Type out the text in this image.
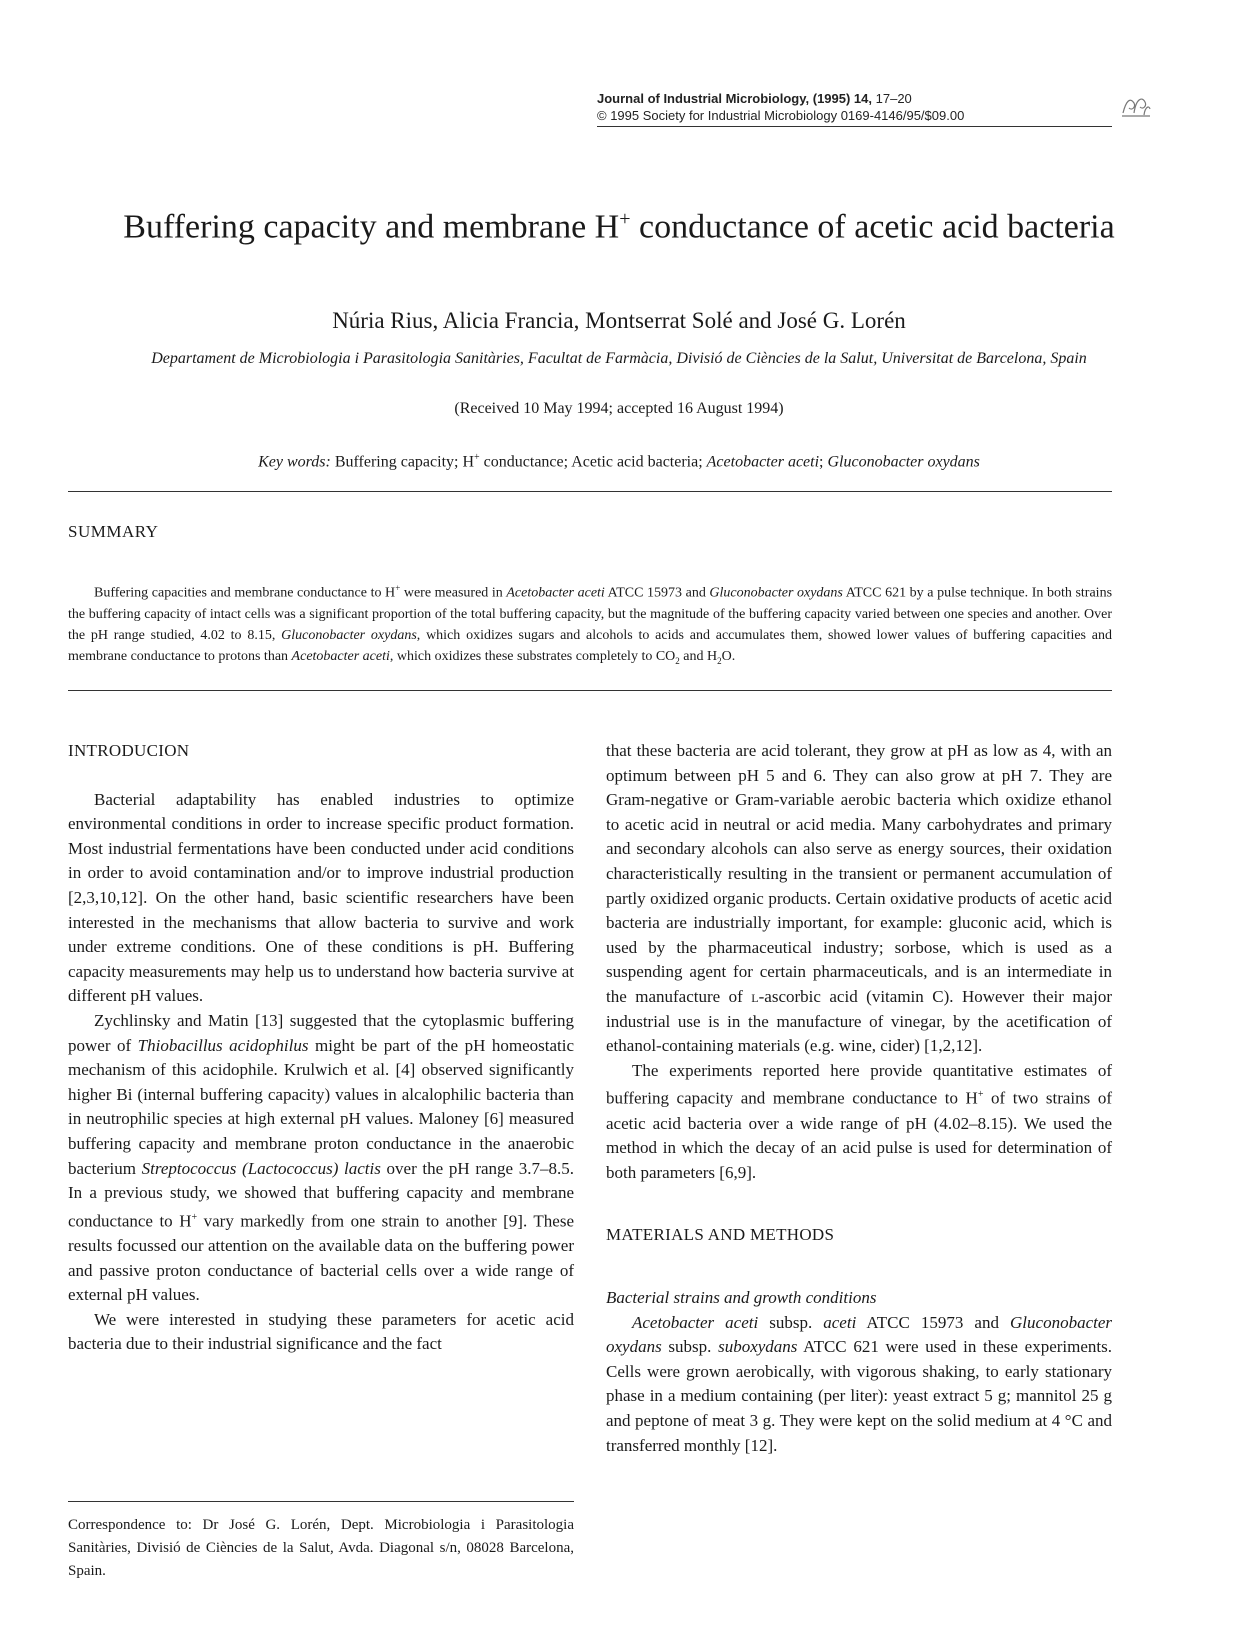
Journal of Industrial Microbiology, (1995) 14, 17–20
© 1995 Society for Industrial Microbiology 0169-4146/95/$09.00
Buffering capacity and membrane H+ conductance of acetic acid bacteria
Núria Rius, Alicia Francia, Montserrat Solé and José G. Lorén
Departament de Microbiologia i Parasitologia Sanitàries, Facultat de Farmàcia, Divisió de Ciències de la Salut, Universitat de Barcelona, Spain
(Received 10 May 1994; accepted 16 August 1994)
Key words: Buffering capacity; H+ conductance; Acetic acid bacteria; Acetobacter aceti; Gluconobacter oxydans
SUMMARY
Buffering capacities and membrane conductance to H+ were measured in Acetobacter aceti ATCC 15973 and Gluconobacter oxydans ATCC 621 by a pulse technique. In both strains the buffering capacity of intact cells was a significant proportion of the total buffering capacity, but the magnitude of the buffering capacity varied between one species and another. Over the pH range studied, 4.02 to 8.15, Gluconobacter oxydans, which oxidizes sugars and alcohols to acids and accumulates them, showed lower values of buffering capacities and membrane conductance to protons than Acetobacter aceti, which oxidizes these substrates completely to $CO_2$ and $H_2O$.
INTRODUCION

Bacterial adaptability has enabled industries to optimize environmental conditions in order to increase specific product formation. Most industrial fermentations have been conducted under acid conditions in order to avoid contamination and/or to improve industrial production [2,3,10,12]. On the other hand, basic scientific researchers have been interested in the mechanisms that allow bacteria to survive and work under extreme conditions. One of these conditions is pH. Buffering capacity measurements may help us to understand how bacteria survive at different pH values.

Zychlinsky and Matin [13] suggested that the cytoplasmic buffering power of Thiobacillus acidophilus might be part of the pH homeostatic mechanism of this acidophile. Krulwich et al. [4] observed significantly higher Bi (internal buffering capacity) values in alcalophilic bacteria than in neutrophilic species at high external pH values. Maloney [6] measured buffering capacity and membrane proton conductance in the anaerobic bacterium Streptococcus (Lactococcus) lactis over the pH range 3.7–8.5. In a previous study, we showed that buffering capacity and membrane conductance to H+ vary markedly from one strain to another [9]. These results focussed our attention on the available data on the buffering power and passive proton conductance of bacterial cells over a wide range of external pH values.

We were interested in studying these parameters for acetic acid bacteria due to their industrial significance and the fact

Correspondence to: Dr José G. Lorén, Dept. Microbiologia i Parasitologia Sanitàries, Divisió de Ciències de la Salut, Avda. Diagonal s/n, 08028 Barcelona, Spain.

that these bacteria are acid tolerant, they grow at pH as low as 4, with an optimum between pH 5 and 6. They can also grow at pH 7. They are Gram-negative or Gram-variable aerobic bacteria which oxidize ethanol to acetic acid in neutral or acid media. Many carbohydrates and primary and secondary alcohols can also serve as energy sources, their oxidation characteristically resulting in the transient or permanent accumulation of partly oxidized organic products. Certain oxidative products of acetic acid bacteria are industrially important, for example: gluconic acid, which is used by the pharmaceutical industry; sorbose, which is used as a suspending agent for certain pharmaceuticals, and is an intermediate in the manufacture of l-ascorbic acid (vitamin C). However their major industrial use is in the manufacture of vinegar, by the acetification of ethanol-containing materials (e.g. wine, cider) [1,2,12].

The experiments reported here provide quantitative estimates of buffering capacity and membrane conductance to H+ of two strains of acetic acid bacteria over a wide range of pH (4.02–8.15). We used the method in which the decay of an acid pulse is used for determination of both parameters [6,9].

MATERIALS AND METHODS
Bacterial strains and growth conditions

Acetobacter aceti subsp. aceti ATCC 15973 and Gluconobacter oxydans subsp. suboxydans ATCC 621 were used in these experiments. Cells were grown aerobically, with vigorous shaking, to early stationary phase in a medium containing (per liter): yeast extract 5 g; mannitol 25 g and peptone of meat 3 g. They were kept on the solid medium at 4 °C and transferred monthly [12].
